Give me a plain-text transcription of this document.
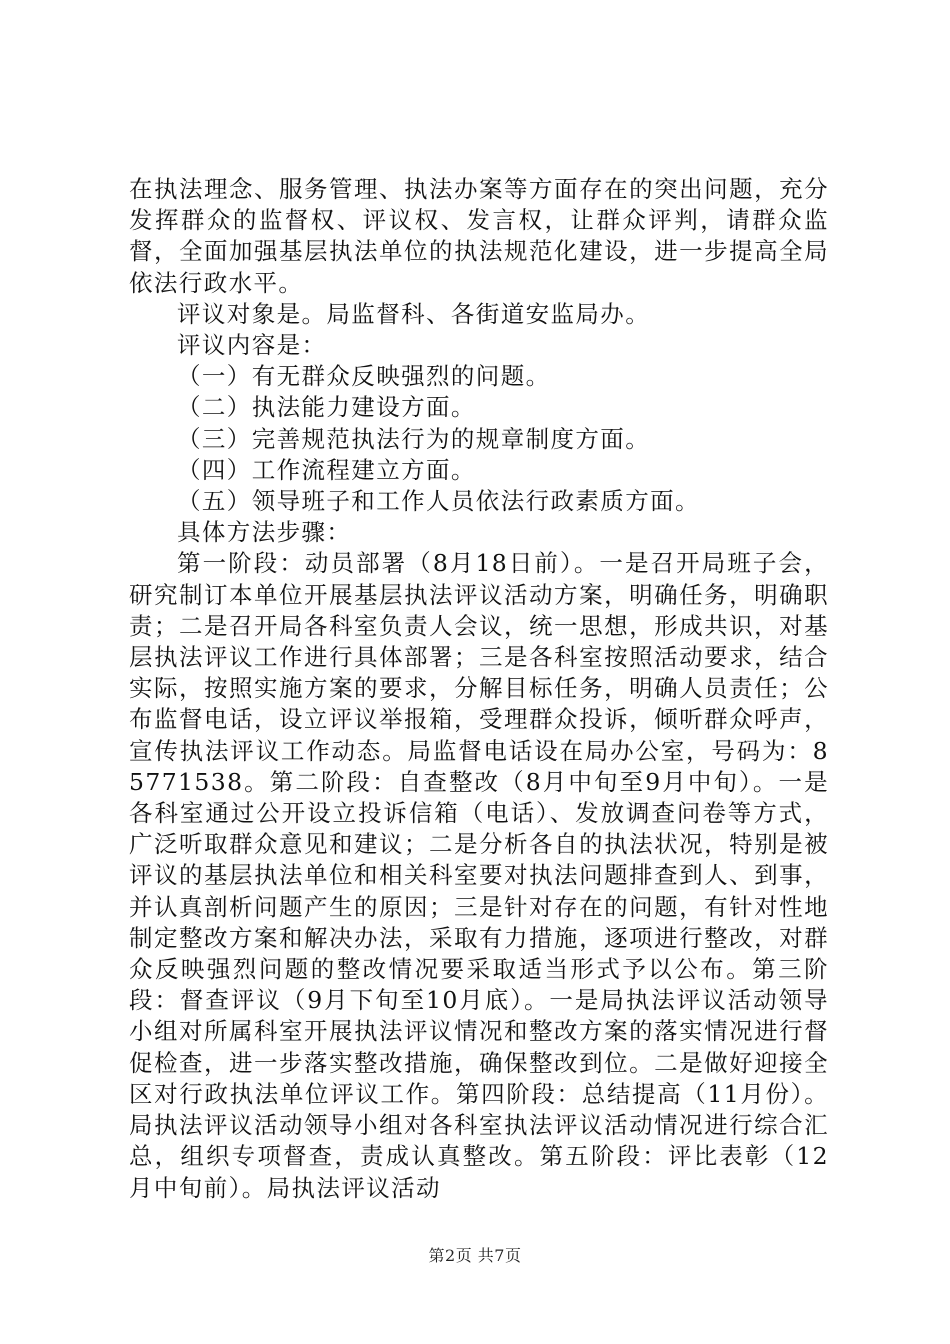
在执法理念、服务管理、执法办案等方面存在的突出问题，充分发挥群众的监督权、评议权、发言权，让群众评判，请群众监督，全面加强基层执法单位的执法规范化建设，进一步提高全局依法行政水平。

评议对象是。局监督科、各街道安监局办。

评议内容是：

（一）有无群众反映强烈的问题。

（二）执法能力建设方面。

（三）完善规范执法行为的规章制度方面。

（四）工作流程建立方面。

（五）领导班子和工作人员依法行政素质方面。

具体方法步骤：

第一阶段：动员部署（8月18日前）。一是召开局班子会，研究制订本单位开展基层执法评议活动方案，明确任务，明确职责；二是召开局各科室负责人会议，统一思想，形成共识，对基层执法评议工作进行具体部署；三是各科室按照活动要求，结合实际，按照实施方案的要求，分解目标任务，明确人员责任；公布监督电话，设立评议举报箱，受理群众投诉，倾听群众呼声，宣传执法评议工作动态。局监督电话设在局办公室，号码为：85771538。第二阶段：自查整改（8月中旬至9月中旬）。一是各科室通过公开设立投诉信箱（电话）、发放调查问卷等方式，广泛听取群众意见和建议；二是分析各自的执法状况，特别是被评议的基层执法单位和相关科室要对执法问题排查到人、到事，并认真剖析问题产生的原因；三是针对存在的问题，有针对性地制定整改方案和解决办法，采取有力措施，逐项进行整改，对群众反映强烈问题的整改情况要采取适当形式予以公布。第三阶段：督查评议（9月下旬至10月底）。一是局执法评议活动领导小组对所属科室开展执法评议情况和整改方案的落实情况进行督促检查，进一步落实整改措施，确保整改到位。二是做好迎接全区对行政执法单位评议工作。第四阶段：总结提高（11月份）。局执法评议活动领导小组对各科室执法评议活动情况进行综合汇总，组织专项督查，责成认真整改。第五阶段：评比表彰（12月中旬前）。局执法评议活动

第2页 共7页
